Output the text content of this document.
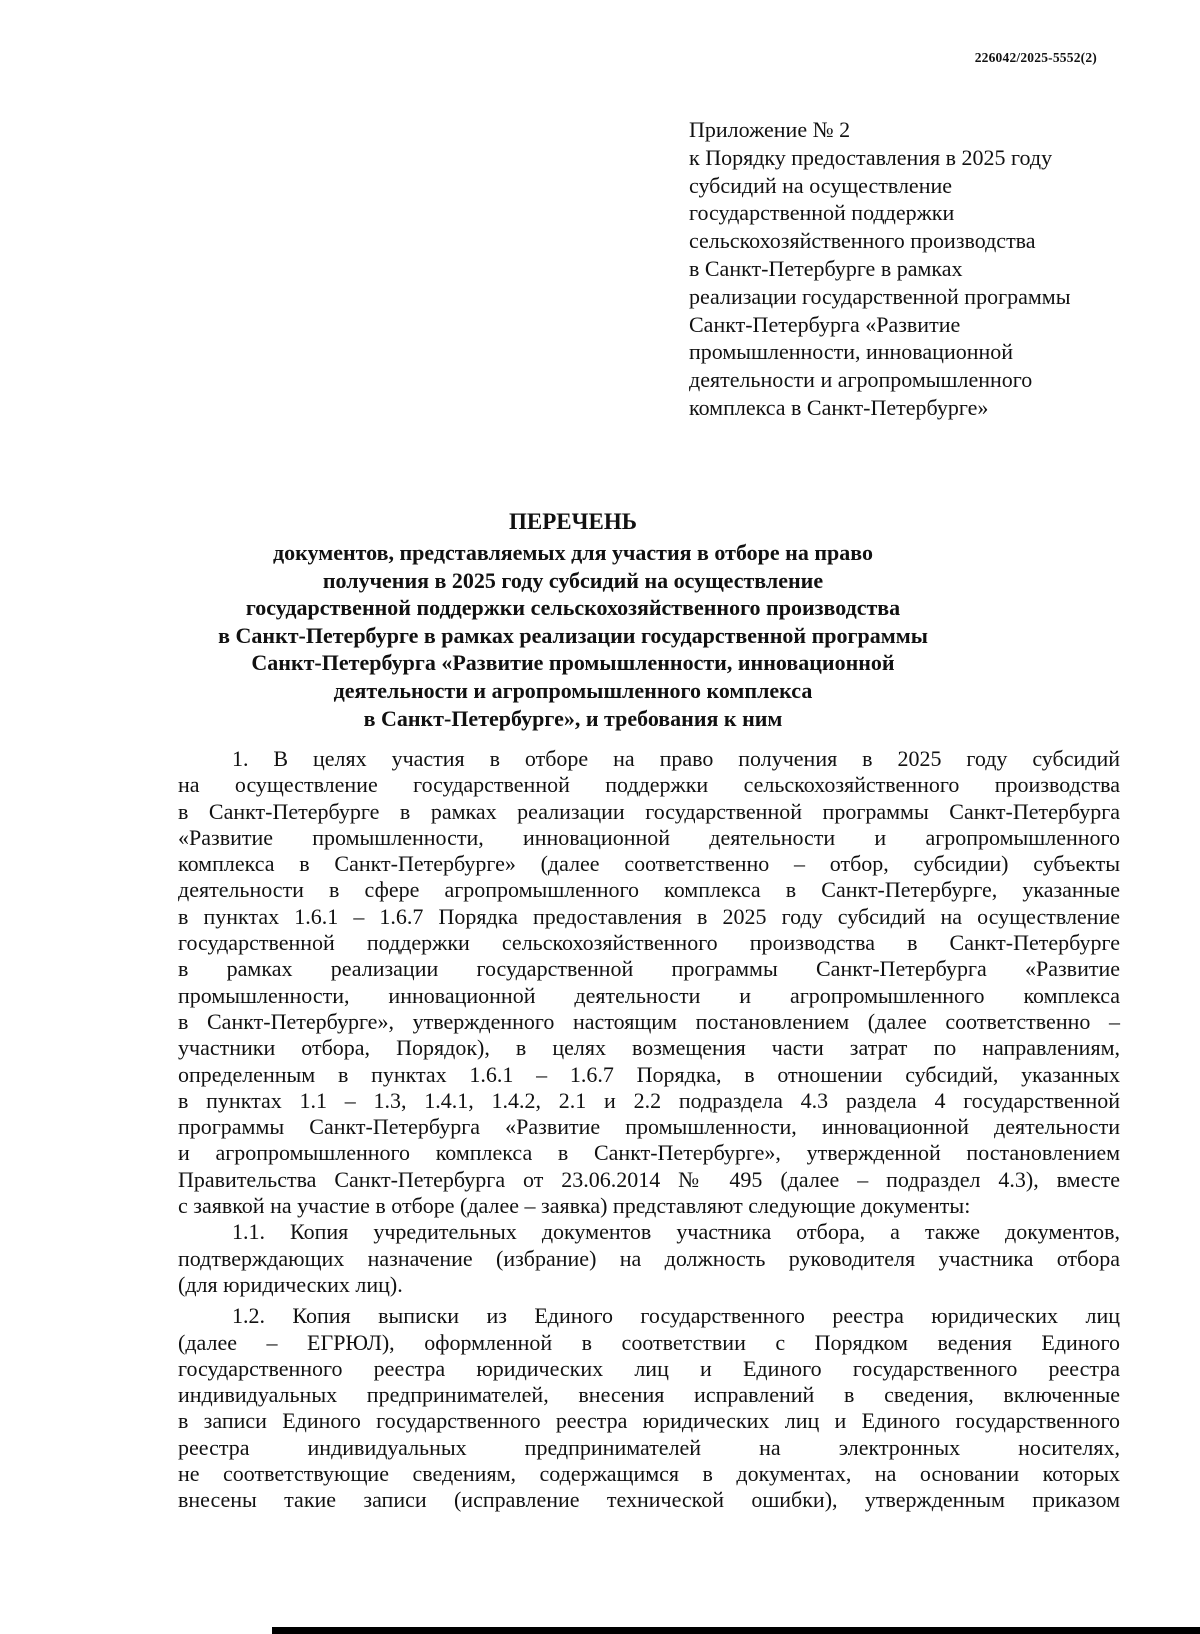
226042/2025-5552(2)
Приложение № 2
к Порядку предоставления в 2025 году
субсидий на осуществление
государственной поддержки
сельскохозяйственного производства
в Санкт-Петербурге в рамках
реализации государственной программы
Санкт-Петербурга «Развитие
промышленности, инновационной
деятельности и агропромышленного
комплекса в Санкт-Петербурге»
ПЕРЕЧЕНЬ
документов, представляемых для участия в отборе на право
получения в 2025 году субсидий на осуществление
государственной поддержки сельскохозяйственного производства
в Санкт-Петербурге в рамках реализации государственной программы
Санкт-Петербурга «Развитие промышленности, инновационной
деятельности и агропромышленного комплекса
в Санкт-Петербурге», и требования к ним
1. В целях участия в отборе на право получения в 2025 году субсидий
на осуществление государственной поддержки сельскохозяйственного производства
в Санкт-Петербурге в рамках реализации государственной программы Санкт-Петербурга
«Развитие промышленности, инновационной деятельности и агропромышленного
комплекса в Санкт-Петербурге» (далее соответственно – отбор, субсидии) субъекты
деятельности в сфере агропромышленного комплекса в Санкт-Петербурге, указанные
в пунктах 1.6.1 – 1.6.7 Порядка предоставления в 2025 году субсидий на осуществление
государственной поддержки сельскохозяйственного производства в Санкт-Петербурге
в рамках реализации государственной программы Санкт-Петербурга «Развитие
промышленности, инновационной деятельности и агропромышленного комплекса
в Санкт-Петербурге», утвержденного настоящим постановлением (далее соответственно –
участники отбора, Порядок), в целях возмещения части затрат по направлениям,
определенным в пунктах 1.6.1 – 1.6.7 Порядка, в отношении субсидий, указанных
в пунктах 1.1 – 1.3, 1.4.1, 1.4.2, 2.1 и 2.2 подраздела 4.3 раздела 4 государственной
программы Санкт-Петербурга «Развитие промышленности, инновационной деятельности
и агропромышленного комплекса в Санкт-Петербурге», утвержденной постановлением
Правительства Санкт-Петербурга от 23.06.2014 № 495 (далее – подраздел 4.3), вместе
с заявкой на участие в отборе (далее – заявка) представляют следующие документы:
1.1. Копия учредительных документов участника отбора, а также документов,
подтверждающих назначение (избрание) на должность руководителя участника отбора
(для юридических лиц).
1.2. Копия выписки из Единого государственного реестра юридических лиц
(далее – ЕГРЮЛ), оформленной в соответствии с Порядком ведения Единого
государственного реестра юридических лиц и Единого государственного реестра
индивидуальных предпринимателей, внесения исправлений в сведения, включенные
в записи Единого государственного реестра юридических лиц и Единого государственного
реестра индивидуальных предпринимателей на электронных носителях,
не соответствующие сведениям, содержащимся в документах, на основании которых
внесены такие записи (исправление технической ошибки), утвержденным приказом
